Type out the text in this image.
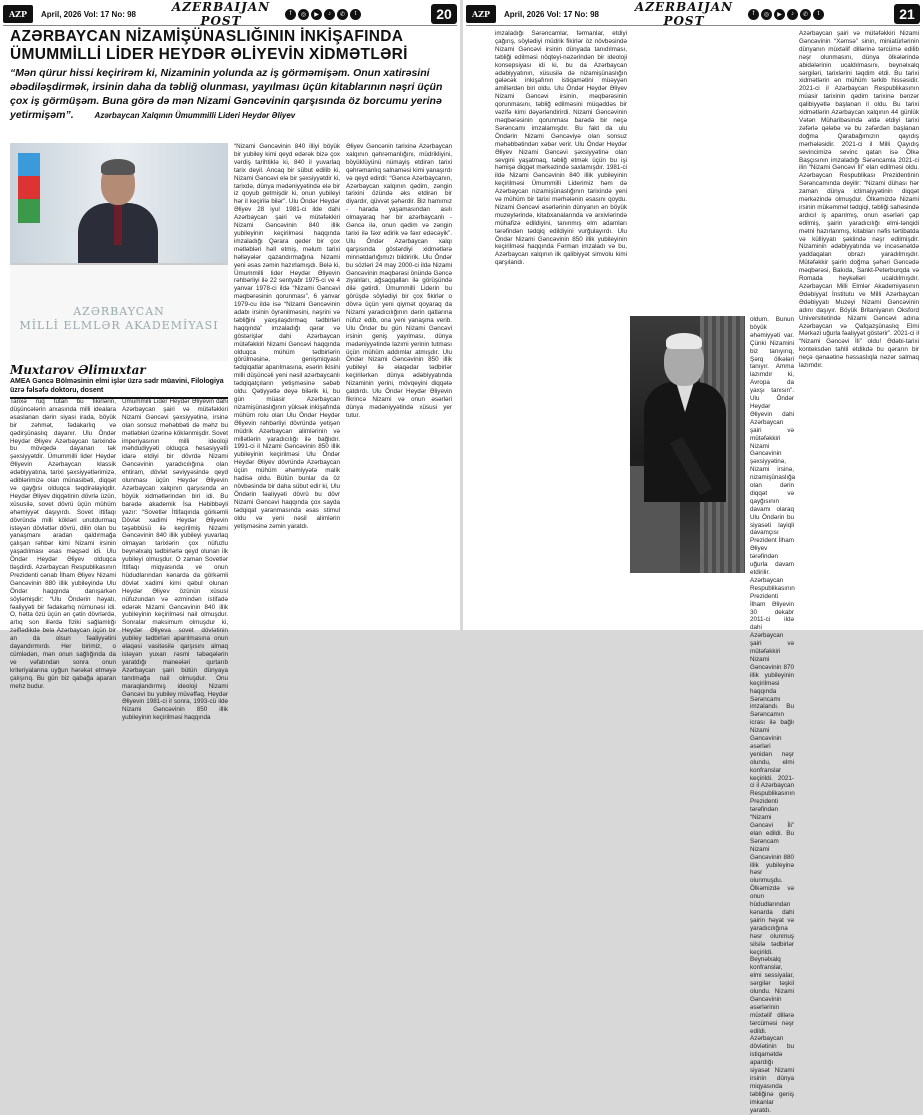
AZP	April, 2026 Vol: 17 No: 98	AZERBAIJAN POST	f	◎	▶	♪	✆	t	20
AZƏRBAYCAN NİZAMİŞÜNASLIĞININ İNKİŞAFINDA ÜMUMMİLLİ LİDER HEYDƏR ƏLİYEVİN XİDMƏTLƏRİ
“Mən qürur hissi keçirirəm ki, Nizaminin yolunda az iş görməmişəm. Onun xatirəsini əbədiləşdirmək, irsinin daha da təbliğ olunması, yayılması üçün kitablarının nəşri üçün çox iş görmüşəm. Buna görə də mən Nizami Gəncəvinin qarşısında öz borcumu yerinə yetirmişəm”.	Azərbaycan Xalqının Ümummilli Lideri Heydər Əliyev
AZƏRBAYCAN
MİLLİ ELMLƏR AKADEMİYASI
Muxtarov Əlimuxtar
AMEA Gəncə Bölməsinin elmi işlər üzrə sədr müavini, Filologiya üzrə fəlsəfə doktoru, dosent

Tarixə ruq tutan bu fikirlərin, düşüncələrin arxasında milli idealara əsaslanan dərin siyasi irada, böyük bir zəhmət, fədakarlıq və qədirşünaslıq dayanır. Ulu Öndər Heydər Əliyev Azərbaycan tarixində bu mövqedə dayanan tək şəxsiyyətdir. Ümummilli lider Heydər Əliyevin Azərbaycan klassik ədəbiyyatına, tarixi şəxsiyyətlərimizə, ədiblərimizə olan münasibəti, diqqət və qayğısı olduqca təqdirəlayiqdir. Heydər Əliyev diqqətinin dövrlə üzün, xüsusilə, sovet dövrü üçün mühüm əhəmiyyət daşıyırdı. Sovet ittifaqı dövründə milli kökləri unutdurmaq istəyən dövlətlər dövrü, dilin olan bu yanaşmanı aradan qaldırmağa çalışan rəhbər kimi Nizami irsinin yaşadılması əsas məqsəd idi. Ulu Öndər Heydər Əliyev olduqca tləşdirdi. Azərbaycan Respublikasının Prezidenti cənab İlham Əliyev Nizami Gəncəvinin 880 illik yubileyində Ulu Öndər haqqında danışarkən söyləmişdir: “Ulu Öndərin həyatı, fəaliyyəti bir fədakarlıq nümunəsi idi. O, hətta özü üçün ən çətin dövrlərdə, artıq son illərdə fiziki sağlamlığı zəiflədikdə belə Azərbaycan üçün bir an da olsun fəaliyyətini dayandırmırdı. Her birimiz, o cümlədən, mən onun sağlığında da ve vəfatından sonra onun kriteriyalarına uyğun hərəkət etməyə çalışırıq. Bu gün biz qabağa aparan mehz budur.

Ümummilli Lider Heydər Əliyevin dahi Azərbaycan şairi və mütəfəkkiri Nizami Gəncəvi şəxsiyyətinə, irsinə olan sonsuz məhəbbəti də məhz bu mətləbləri üzərinə köklənmişdir. Sovet imperiyasının milli ideoloji məhdudiyyəti olduqca hesasiyyətli idarə etdiyi bir dövrdə Nizami Gəncəvinin yaradıcılığına olan ehtiram, dövlət səviyyəsində qeyd olunması üçün Heydər Əliyevin Azərbaycan xalqının qarşısında ən böyük xidmətlərindən biri idi. Bu barədə akademik İsa Həbibbəyli yazır: “Sovetlər İttifaqında görkəmli Dövlət xadimi Heydər Əliyevin təşəbbüsü ilə keçirilmiş Nizami Gəncəvinin 840 illik yubileyi yuvarlaq olmayan tarixlərin çox nüfuzlu beynəlxalq tədbirlərlə qeyd olunan ilk yubileyi olmuşdur. O zaman Sovetlər İttifaqı miqyasında ve onun hüdudlarından kənarda da görkəmli dövlət xadimi kimi qəbul olunan Heydər Əliyev özünün xüsusi nüfuzundan və əzmindən istifadə edərək Nizami Gəncəvinin 840 illik yubileyinin keçirilməsi nail olmuşdur. Sonralar maksimum olmuşdur ki, Heydər Əliyeva sovet dövlətinin yubiley tədbirləri aparılmasına onun əlaqəsi vasitəsilə qarşısını almaq istəyən yuxarı rəsmi təbəqələrin yaratdığı maneələri qurtarıb Azərbaycan şairi bütün dünyaya tanıtmağa nail olmuşdur. Onu maraqlandırmış ideoloji Nizami Gəncəvi bu yubiley müvəffəq. Heydər Əliyevin 1981-ci il sonra, 1993-cü ilde Nizami Gəncəvinin 850 illik yubileyinin keçirilməsi haqqında

“Nizami Gəncəvinin 840 illiyi böyük bir yubiley kimi qeyd edərək bizə çox vərdiş tarihtiklə ki, 840 il yuvarlaq tarix deyil. Ancaq bir sübut edilib ki, Nizami Gəncəvi elə bir şəxsiyyətdir ki, tarixdə, dünya mədəniyyətində elə bir iz qoyub getmişdir ki, onun yubileyi hər il keçirilə bilər”. Ulu Öndər Heydər Əliyev 28 iyul 1981-ci ilde dahi Azərbaycan şairi və mütəfəkkiri Nizami Gəncəvinin 840 illik yubileyinin keçirilməsi haqqında imzaladığı Qərara qeder bir çox mətləbləri həll etmiş, məlum tarixi həlləyələr qazandırmağına Nizami yeni əsas zəmin hazırlamışdı. Belə ki, Ümummilli lider Heydər Əliyevin rəhbərliyi ilə 22 sentyabr 1975-ci ve 4 yanvar 1978-ci ildə “Nizami Gəncəvi məqbərəsinin qorunması”, 6 yanvar 1979-cu ildə isə “Nizami Gəncəvinin adabı irsinin öyrənilməsini, nəşrini və təbliğini yaxşılaşdırmaq tədbirləri haqqında” imzaladığı qərar və göstərişlər dahi Azərbaycan mütəfəkkiri Nizami Gəncəvi haqqında olduqca mühüm tədbirlərin görülməsinə, genişmiqyaslı tədqiqatlar aparılmasına, əsərin ikisini milli düşüncəli yeni nəsil azərbaycanlı tədqiqatçıların yetişməsinə səbəb oldu. Qətiyyətlə deyə bilərik ki, bu gün müasir Azərbaycan nizamişünaslığının yüksək inkişafında mühüm rolu olan Ulu Öndər Heydər Əliyevin rəhbərliyi dövründə yetişən müdrik Azərbaycan alimlərinin və millətlərin yaradıcılığı ilə bağlıdır. 1991-ci il Nizami Gəncəvinin 850 illik yubileyinin keçirilməsi Ulu Öndər Heydər Əliyev dövründə Azərbaycan üçün mühüm əhəmiyyətə malik hadisə oldu. Bütün bunlar da öz növbəsində bir daha sübut edir ki, Ulu Öndərin fəaliyyəti dövrü bu dövr Nizami Gəncəvi haqqında çox sayda tədqiqat yaranmasında əsas stimul oldu və yeni nəsil alimlərin yetişməsinə zəmin yaratdı.

Əliyev Gəncənin tarixinə Azərbaycan xalqının qəhrəmanlığını, müdrikliyini, böyüklüyünü nümayiş etdirən tarixi qəhrəmanlıq salnaməsi kimi yanaşırdı və qeyd edirdi: “Gəncə Azərbaycanın, Azərbaycan xalqının qədim, zəngin tarixini özündə əks etdirən bir diyardır, qüvvət şəhərdir. Biz hamımız - harada yaşamasından asılı olmayaraq hər bir azərbaycanlı - Gəncə ilə, onun qədim və zəngin tarixi ilə fəxr edirik və fəxr edəcəyik”. Ulu Öndər Azərbaycan xalqı qarşısında göstərdiyi xidmətlərə minnətdarlığımızı bildiririk. Ulu Öndər bu sözləri 24 may 2000-ci ildə Nizami Gəncəvinin məqbərəsi önündə Gəncə ziyalıları, ağsaqqalları ilə görüşündə dilə gətirdi. Ümummilli Liderin bu görüşdə söylədiyi bir çox fikirlər o dövrə üçün yeni qiymət qoyaraq da Nizami yaradıcılığının dərin qatlarına nüfuz edib, ona yeni yanaşma verib. Ulu Öndər bu gün Nizami Gəncəvi irsinin geniş yayılması, dünya mədəniyyətində lazımi yerinin tutması üçün mühüm addımlar atmışdır. Ulu Öndər Nizami Gəncəvinin 850 illik yubileyi ilə əlaqədar tədbirlər keçirilərkən dünya ədəbiyyatında Nizaminin yerini, mövqeyini diqqətə çatdırdı. Ulu Öndər Heydər Əliyevin fikrincə Nizami və onun əsərləri dünya mədəniyyətində xüsusi yer tutur.

AZP	April, 2026 Vol: 17 No: 98	AZERBAIJAN POST	f	◎	▶	♪	✆	t	21

imzaladığı Sərəncamlar, fərmanlar, etdiyi çağırış, söylədiyi müdrik fikirlər öz növbəsində Nizami Gəncəvi irsinin dünyada tanıdılması, təbliği edilməsi nöqteyi-nəzərindən bir ideoloji konsepsiyası idi ki, bu da Azərbaycan ədəbiyyatının, xüsusilə də nizamişünaslığın gələcək inkişafının istiqamətini müəyyən amillərdən biri oldu. Ulu Öndər Heydər Əliyev Nizami Gəncəvi irsinin, məqbərəsinin qorunmasını, təbliğ edilməsini müqəddəs bir vəzifə kimi dəyərləndirirdi. Nizami Gəncəvinin məqbərəsinin qorunması barədə bir neçə Sərəncamı imzalamışdır. Bu fakt da ulu Öndərin Nizami Gəncəviyə olan sonsuz məhəbbətindən xəbər verir. Ulu Öndər Heydər Əliyev Nizami Gəncəvi şəxsiyyətinə olan sevgini yaşatmaq, təbliğ etmək üçün bu işi həmişə diqqət mərkəzində saxlamışdır. 1981-ci ildə Nizami Gəncəvinin 840 illik yubileyinin keçirilməsi Ümummilli Liderimiz həm də Azərbaycan nizamişünaslığının tarixində yeni və mühüm bir tarixi mərhələnin əsasını qoydu. Nizami Gəncəvi əsərlərinin dünyanın ən böyük muzeylərində, kitabxanalarında və arxivlərində mühafizə edildiyini, tanınmış elm adamları tərəfindən tədqiq edildiyini vurğulayırdı. Ulu Öndər Nizami Gəncəvinin 850 illik yubileyinin keçirilməsi haqqında Fərman imzaladı və bu, Azərbaycan xalqının ilk qalibiyyət simvolu kimi qarşılandı.

oldum. Bunun böyük əhəmiyyəti var. Çünki Nizamini biz tanıyırıq, Şərq ölkələri tanıyır. Amma lazımdır ki, Avropa da yaxşı tanısın”. Ulu Öndər Heydər Əliyevin dahi Azərbaycan şairi və mütəfəkkiri Nizami Gəncəvinin şəxsiyyətinə, Nizami irsinə, nizamişünaslığa olan dərin diqqət və qayğısının davamı olaraq Ulu Öndərin bu siyasəti layiqli davamçısı Prezident İlham Əliyev tərəfindən uğurla davam etdirilir. Azərbaycan Respublikasının Prezidenti İlham Əliyevin 30 dekabr 2011-ci ildə dahi Azərbaycan şairi və mütəfəkkiri Nizami Gəncəvinin 870 illik yubileyinin keçirilməsi haqqında Sərəncamı imzalandı. Bu Sərəncamın icrası ilə bağlı Nizami Gəncəvinin əsərləri yenidən nəşr olundu, elmi konfranslar keçirildi. 2021-ci il Azərbaycan Respublikasının Prezidenti tərəfindən “Nizami Gəncəvi İli” elan edildi. Bu Sərəncam Nizami Gəncəvinin 880 illik yubileyinə həsr olunmuşdu. Ölkəmizdə və onun hüdudlarından kənarda dahi şairin həyat və yaradıcılığına həsr olunmuş silsilə tədbirlər keçirildi. Beynəlxalq konfranslar, elmi sessiyalar, sərgilər təşkil olundu. Nizami Gəncəvinin əsərlərinin müxtəlif dillərə tərcüməsi nəşr edildi. Azərbaycan dövlətinin bu istiqamətdə apardığı siyasət Nizami irsinin dünya miqyasında təbliğinə geniş imkanlar yaratdı.

Azərbaycan şairi və mütəfəkkiri Nizami Gəncəvinin “Xəmsə” sinin, miniatürlərinin dünyanın müxtəlif dillərinə tərcümə edilib nəşr olunmasını, dünya ölkələrində abidələrinin ucaldılmasını, beynəlxalq sərgiləri, tarixlərini təqdim etdi. Bu tarixi xidmətlərin ən mühüm tərkib hissəsidir. 2021-ci il Azərbaycan Respublikasının müasir tarixinin qədim tarixinə bənzər qalibiyyətlə başlanan il oldu. Bu tarixi xidmətlərin Azərbaycan xalqının 44 günlük Vətən Müharibəsində əldə etdiyi tarixi zəfərlə qələbə və bu zəfərdən başlanan doğma Qarabağımızın qayıdış mərhələsidir. 2021-ci il Milli Qayıdış sevincimizə sevinc qatan isə Ölkə Başçısının imzaladığı Sərəncamla 2021-ci ilin “Nizami Gəncəvi İli” elan edilməsi oldu. Azərbaycan Respublikası Prezidentinin Sərəncamında deyilir: “Nizami dühası hər zaman dünya ictimaiyyətinin diqqət mərkəzində olmuşdur. Ölkəmizdə Nizami irsinin mükəmməl tədqiqi, təbliği sahəsində ardıcıl iş aparılmış, onun əsərləri çap edilmiş, şairin yaradıcılığı elmi-tənqidi mətni hazırlanmış, kitabları nəfis tərtibatda və külliyyatı şəklində nəşr edilmişdir. Nizaminin ədəbiyyatında və incəsənətdə yaddaqalan obrazı yaradılmışdır. Mütəfəkkir şairin doğma şəhəri Gəncədə məqbərəsi, Bakıda, Sankt-Peterburqda və Romada heykəlləri ucaldılmışdır. Azərbaycan Milli Elmlər Akademiyasının Ədəbiyyat İnstitutu ve Milli Azərbaycan Ədəbiyyatı Muzeyi Nizami Gəncəvinin adını daşıyır. Böyük Britaniyanın Oksford Universitetində Nizami Gəncəvi adına Azərbaycan və Qafqazşünaslıq Elmi Mərkəzi uğurla fəaliyyət göstərir”. 2021-ci il “Nizami Gəncəvi İli” oldu! Ədəbi-tarixi konteksdən tahlil etdikdə bu qərarın bir neçə qənaətinə həssaslıqla nəzər salmaq lazımdır.
